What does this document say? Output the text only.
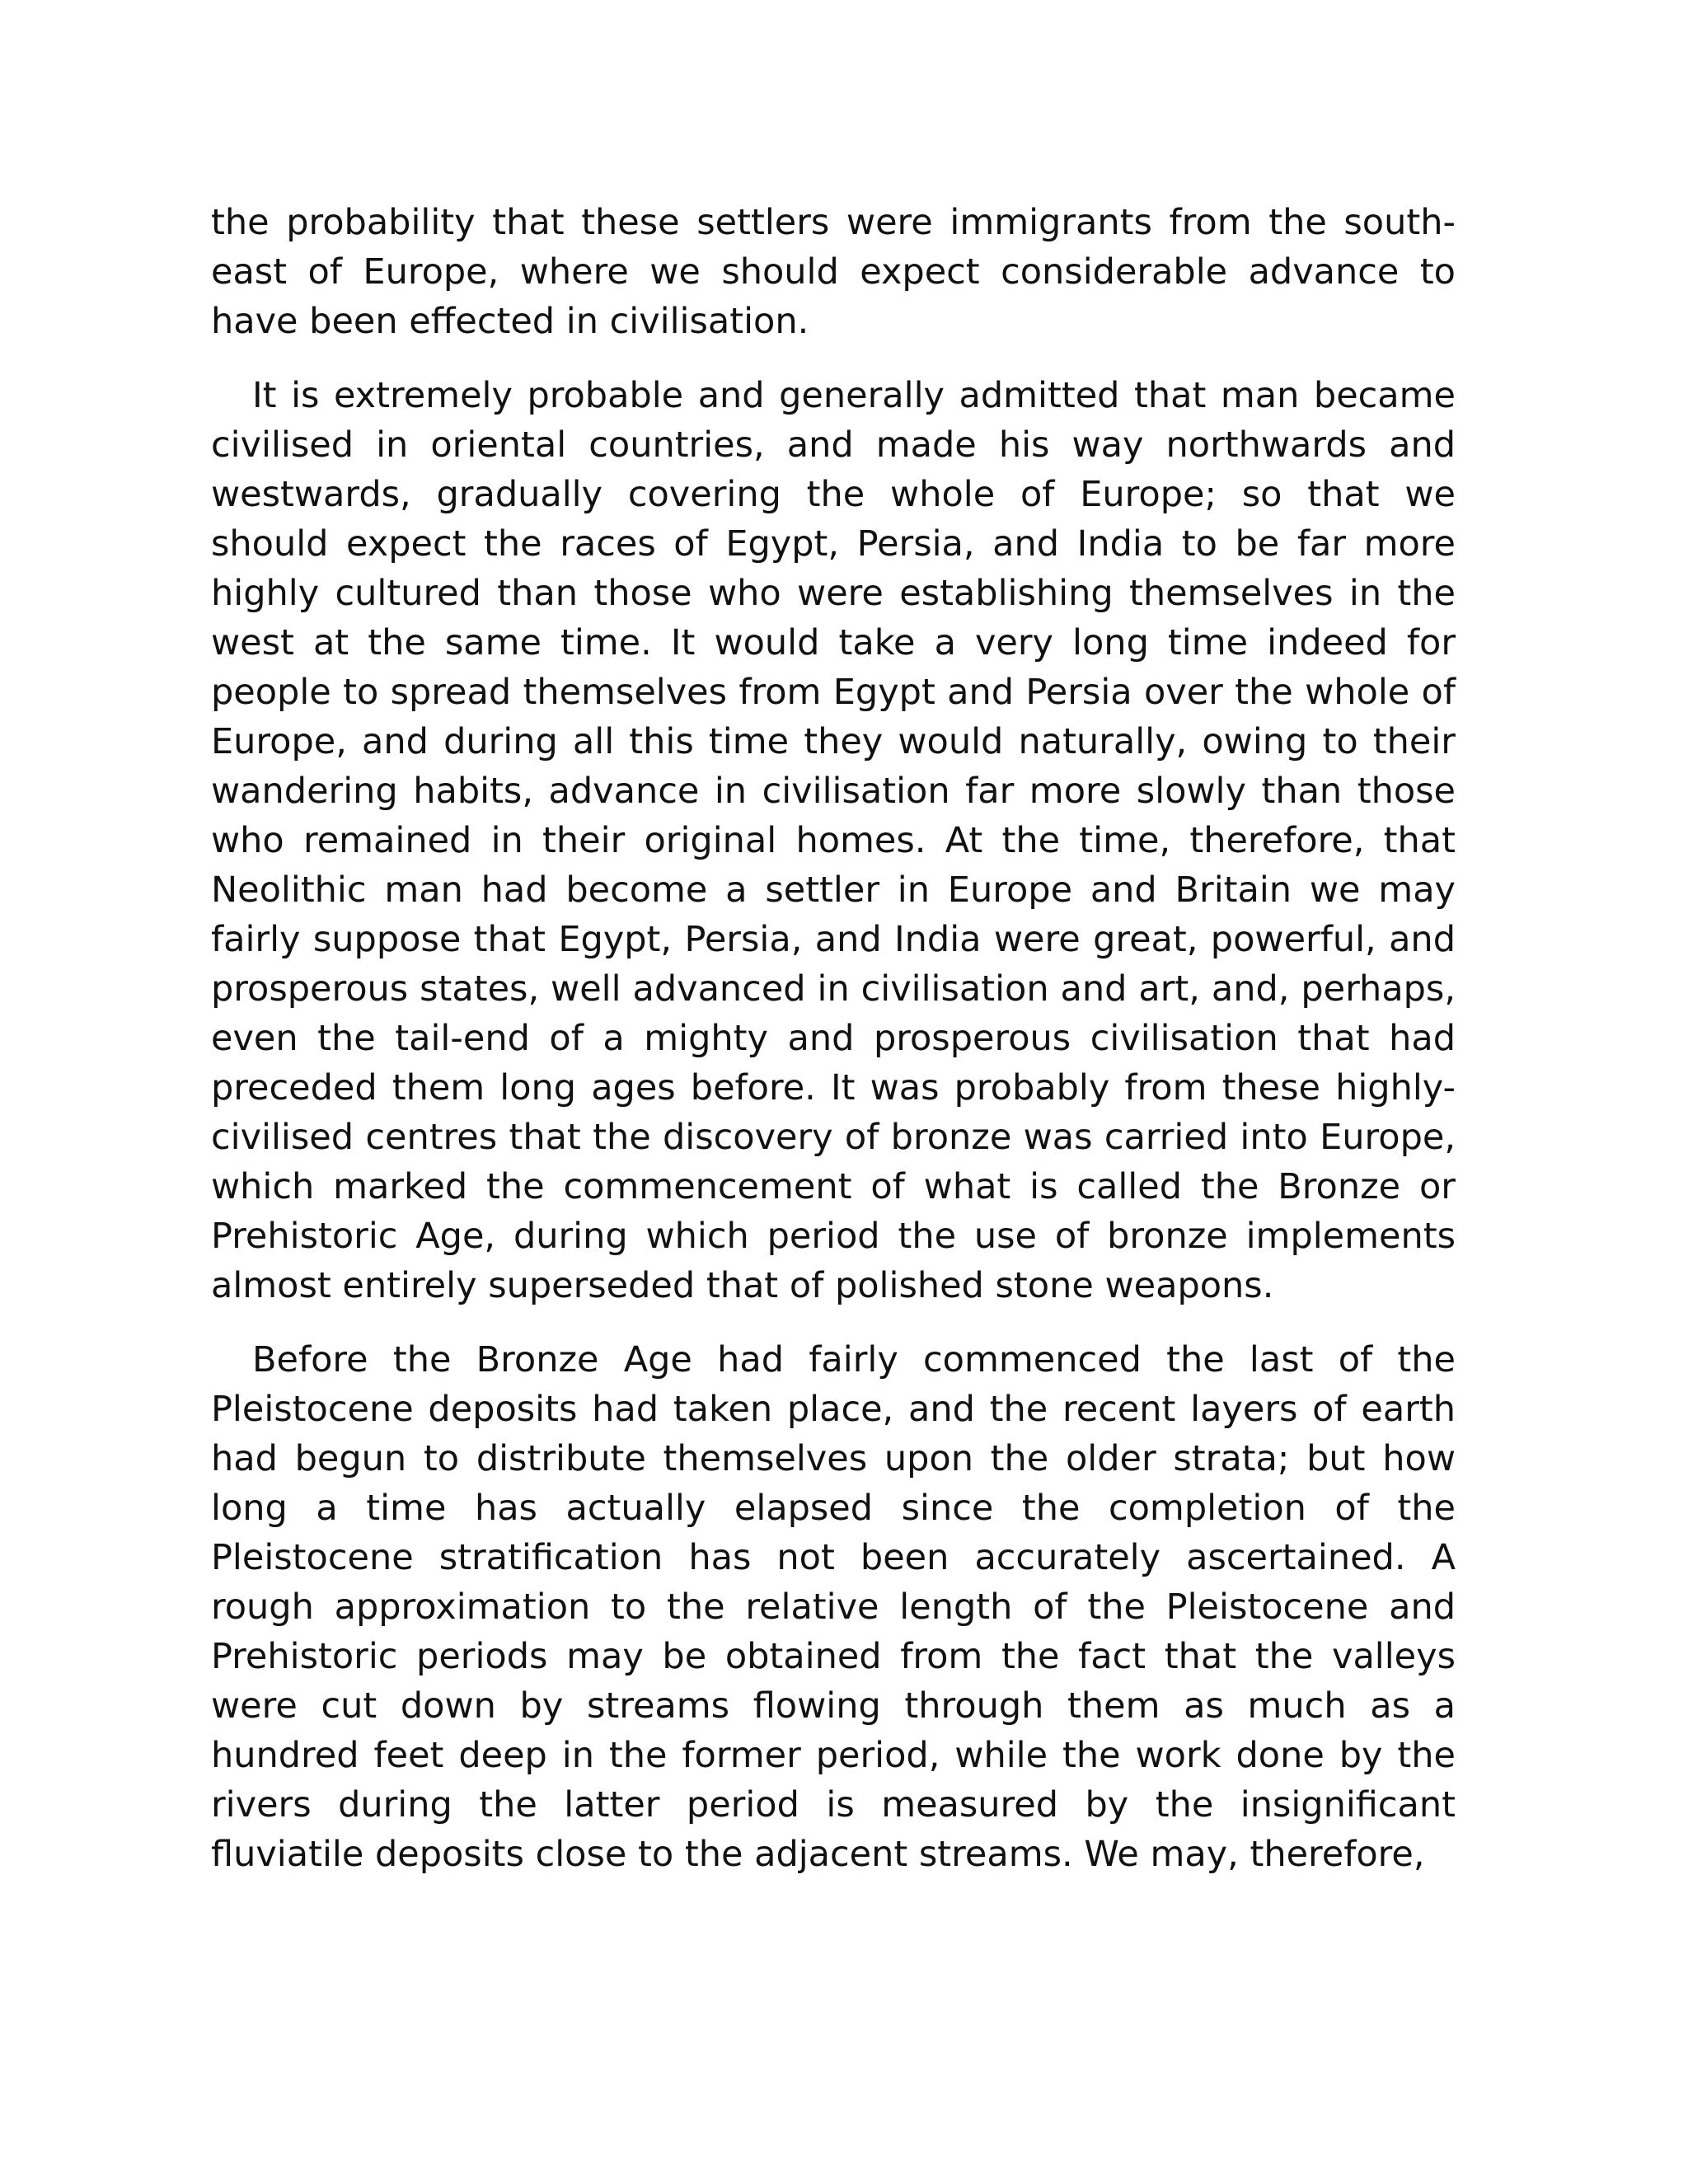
the probability that these settlers were immigrants from the south-east of Europe, where we should expect considerable advance to have been effected in civilisation.

It is extremely probable and generally admitted that man became civilised in oriental countries, and made his way northwards and westwards, gradually covering the whole of Europe; so that we should expect the races of Egypt, Persia, and India to be far more highly cultured than those who were establishing themselves in the west at the same time. It would take a very long time indeed for people to spread themselves from Egypt and Persia over the whole of Europe, and during all this time they would naturally, owing to their wandering habits, advance in civilisation far more slowly than those who remained in their original homes. At the time, therefore, that Neolithic man had become a settler in Europe and Britain we may fairly suppose that Egypt, Persia, and India were great, powerful, and prosperous states, well advanced in civilisation and art, and, perhaps, even the tail-end of a mighty and prosperous civilisation that had preceded them long ages before. It was probably from these highly-civilised centres that the discovery of bronze was carried into Europe, which marked the commencement of what is called the Bronze or Prehistoric Age, during which period the use of bronze implements almost entirely superseded that of polished stone weapons.

Before the Bronze Age had fairly commenced the last of the Pleistocene deposits had taken place, and the recent layers of earth had begun to distribute themselves upon the older strata; but how long a time has actually elapsed since the completion of the Pleistocene stratification has not been accurately ascertained. A rough approximation to the relative length of the Pleistocene and Prehistoric periods may be obtained from the fact that the valleys were cut down by streams flowing through them as much as a hundred feet deep in the former period, while the work done by the rivers during the latter period is measured by the insignificant fluviatile deposits close to the adjacent streams. We may, therefore,
